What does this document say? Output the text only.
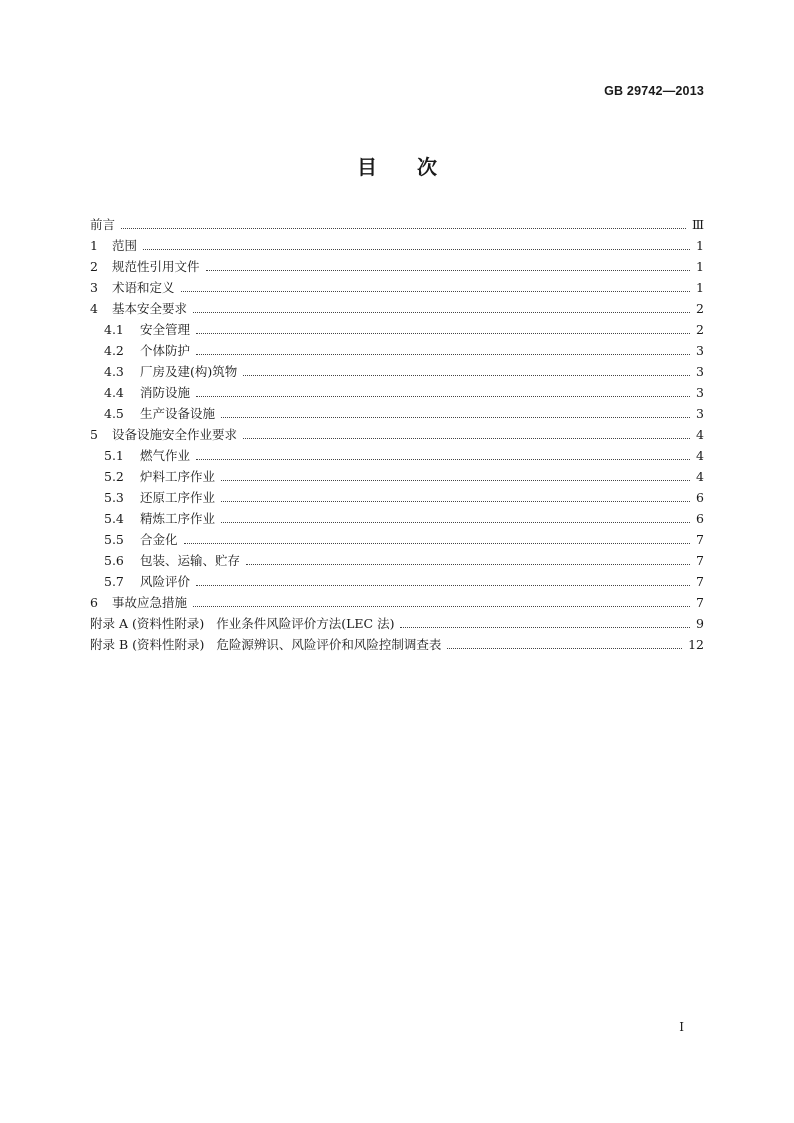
GB 29742—2013
目 次
前言	Ⅲ
1	范围	1
2	规范性引用文件	1
3	术语和定义	1
4	基本安全要求	2
4.1	安全管理	2
4.2	个体防护	3
4.3	厂房及建(构)筑物	3
4.4	消防设施	3
4.5	生产设备设施	3
5	设备设施安全作业要求	4
5.1	燃气作业	4
5.2	炉料工序作业	4
5.3	还原工序作业	6
5.4	精炼工序作业	6
5.5	合金化	7
5.6	包装、运输、贮存	7
5.7	风险评价	7
6	事故应急措施	7
附录 A (资料性附录) 作业条件风险评价方法(LEC 法)	9
附录 B (资料性附录) 危险源辨识、风险评价和风险控制调查表	12
I
